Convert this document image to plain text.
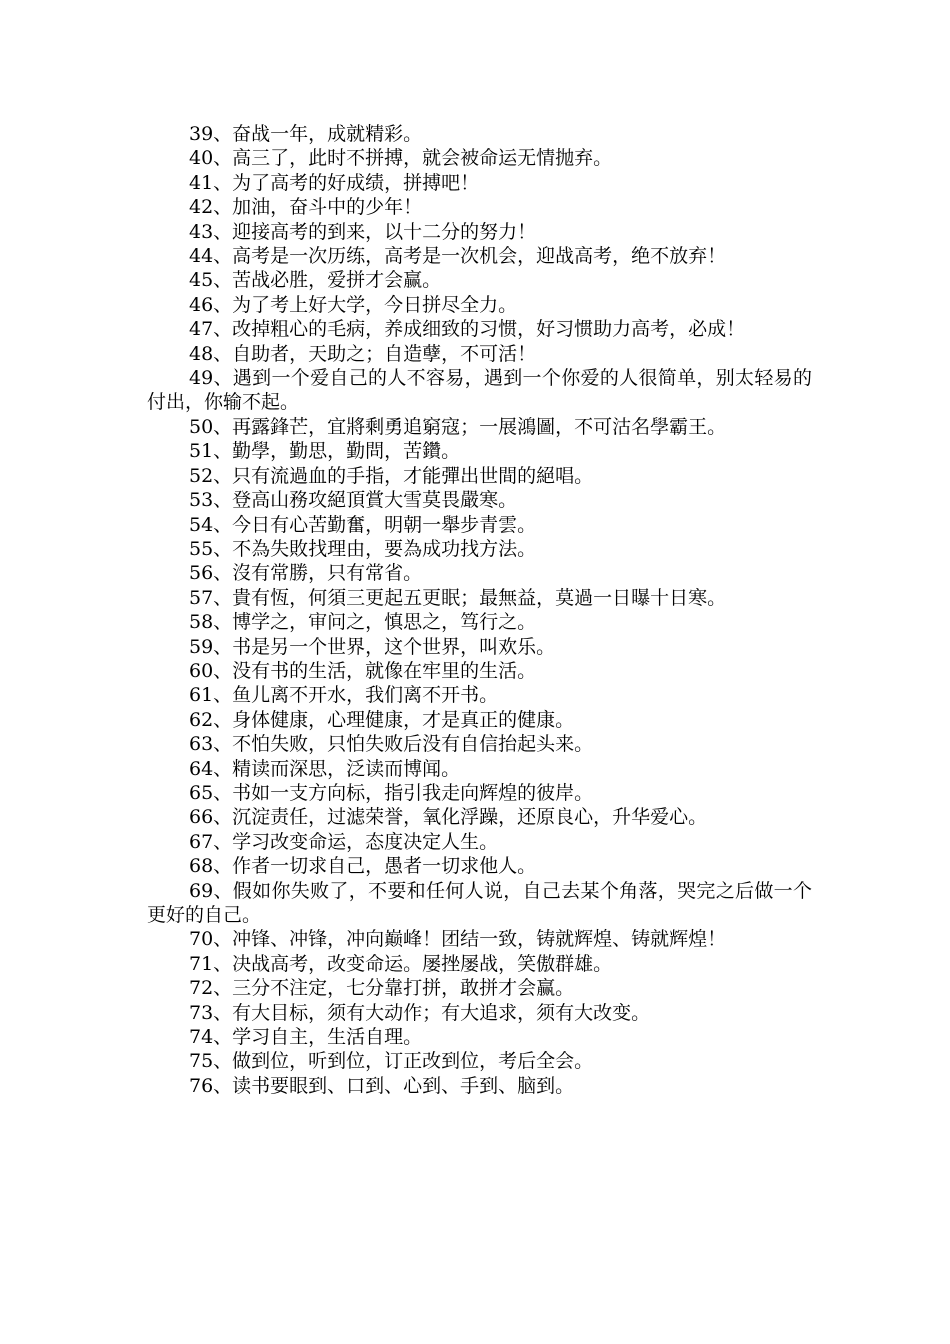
39、奋战一年，成就精彩。

40、高三了，此时不拼搏，就会被命运无情抛弃。

41、为了高考的好成绩，拼搏吧！

42、加油，奋斗中的少年！

43、迎接高考的到来，以十二分的努力！

44、高考是一次历练，高考是一次机会，迎战高考，绝不放弃！

45、苦战必胜，爱拼才会赢。

46、为了考上好大学，今日拼尽全力。

47、改掉粗心的毛病，养成细致的习惯，好习惯助力高考，必成！

48、自助者，天助之；自造孽，不可活！

49、遇到一个爱自己的人不容易，遇到一个你爱的人很简单，别太轻易的付出，你输不起。

50、再露鋒芒，宜將剩勇追窮寇；一展鴻圖，不可沽名學霸王。

51、勤學，勤思，勤問，苦鑽。

52、只有流過血的手指，才能彈出世間的絕唱。

53、登高山務攻絕頂賞大雪莫畏嚴寒。

54、今日有心苦勤奮，明朝一舉步青雲。

55、不為失敗找理由，要為成功找方法。

56、沒有常勝，只有常省。

57、貴有恆，何須三更起五更眠；最無益，莫過一日曝十日寒。

58、博学之，审问之，慎思之，笃行之。

59、书是另一个世界，这个世界，叫欢乐。

60、没有书的生活，就像在牢里的生活。

61、鱼儿离不开水，我们离不开书。

62、身体健康，心理健康，才是真正的健康。

63、不怕失败，只怕失败后没有自信抬起头来。

64、精读而深思，泛读而博闻。

65、书如一支方向标，指引我走向辉煌的彼岸。

66、沉淀责任，过滤荣誉，氧化浮躁，还原良心，升华爱心。

67、学习改变命运，态度决定人生。

68、作者一切求自己，愚者一切求他人。

69、假如你失败了，不要和任何人说，自己去某个角落，哭完之后做一个更好的自己。

70、冲锋、冲锋，冲向巅峰！团结一致，铸就辉煌、铸就辉煌！

71、决战高考，改变命运。屡挫屡战，笑傲群雄。

72、三分不注定，七分靠打拼，敢拼才会赢。

73、有大目标，须有大动作；有大追求，须有大改变。

74、学习自主，生活自理。

75、做到位，听到位，订正改到位，考后全会。

76、读书要眼到、口到、心到、手到、脑到。
